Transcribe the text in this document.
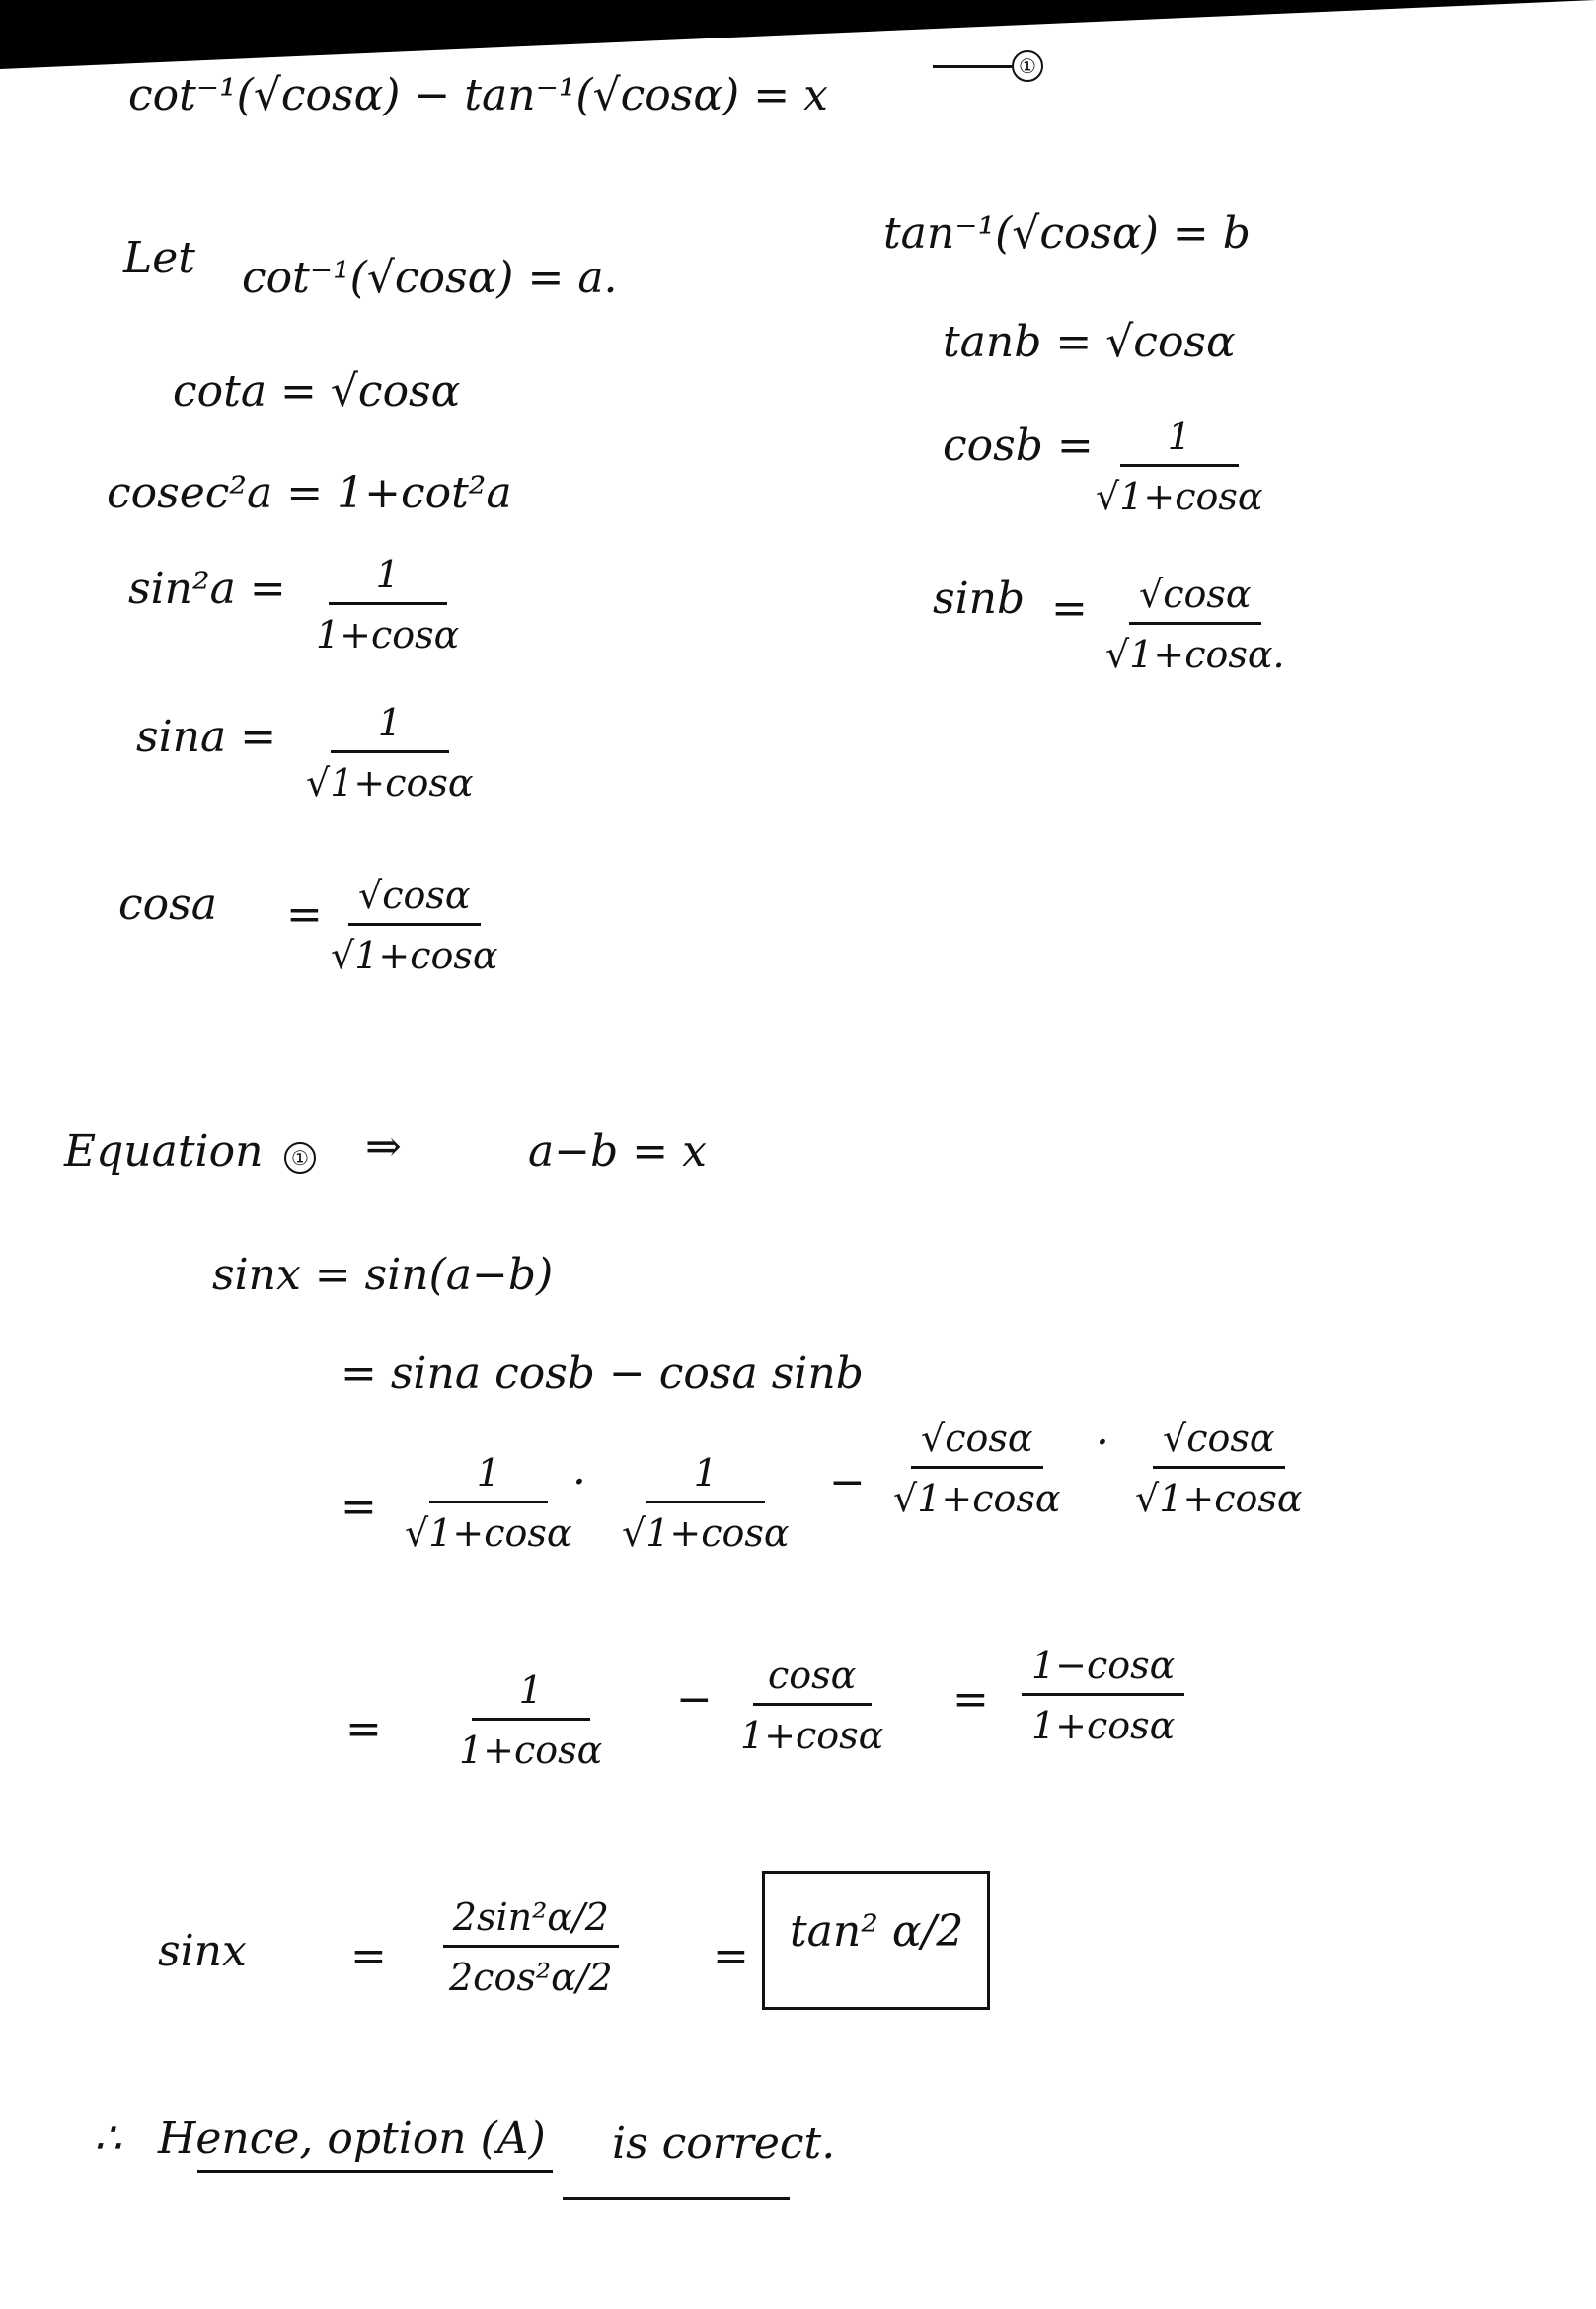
cot⁻¹(√cosα) − tan⁻¹(√cosα) = x
①
Let cot⁻¹(√cosα) = a.
cota = √cosα
cosec²a = 1+cot²a
$\sin^2a = \frac{1}{1+\cos\alpha}$
$\sin a = \frac{1}{√1+\cos\alpha}$
cosa =
$\frac{√\cos\alpha}{√1+\cos\alpha}$
tan⁻¹(√cosα) = b
tanb = √cosα
cosb =
$\frac{1}{√1+\cos\alpha}$
$\sin b = \frac{√\cos\alpha}{√1+\cos\alpha.}$
Equation	① ⇒	a−b = x
sinx = sin(a−b)
= sina cosb − cosa sinb
= $\frac{1}{√1+\cos\alpha}$
· $\frac{1}{√1+\cos\alpha} - \frac{√\cos\alpha}{√1+\cos\alpha} \cdot \frac{√\cos\alpha}{√1+\cos\alpha}$
= $\frac{1}{1+\cos\alpha} - \frac{\cos\alpha}{1+\cos\alpha} = \frac{1-\cos\alpha}{1+\cos\alpha}$
$\sin x = \frac{\text{2sin²α/2}}{\text{2cos²α/2}} = \tan^2$ α/2
∴ Hence, option (A) is correct.
